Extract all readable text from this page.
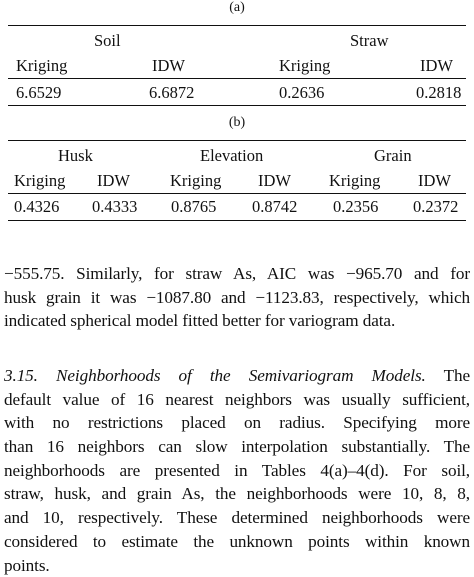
(a)
Soil	Straw
Kriging	IDW	Kriging	IDW
6.6529	6.6872	0.2636	0.2818
(b)
Husk	Elevation	Grain
Kriging IDW Kriging IDW Kriging IDW
0.4326 0.4333 0.8765 0.8742 0.2356 0.2372
−555.75. Similarly, for straw As, AIC was −965.70 and for
husk grain it was −1087.80 and −1123.83, respectively, which
indicated spherical model fitted better for variogram data.
3.15. Neighborhoods of the Semivariogram Models. The
default value of 16 nearest neighbors was usually sufficient,
with no restrictions placed on radius. Specifying more
than 16 neighbors can slow interpolation substantially. The
neighborhoods are presented in Tables 4(a)–4(d). For soil,
straw, husk, and grain As, the neighborhoods were 10, 8, 8,
and 10, respectively. These determined neighborhoods were
considered to estimate the unknown points within known
points.
